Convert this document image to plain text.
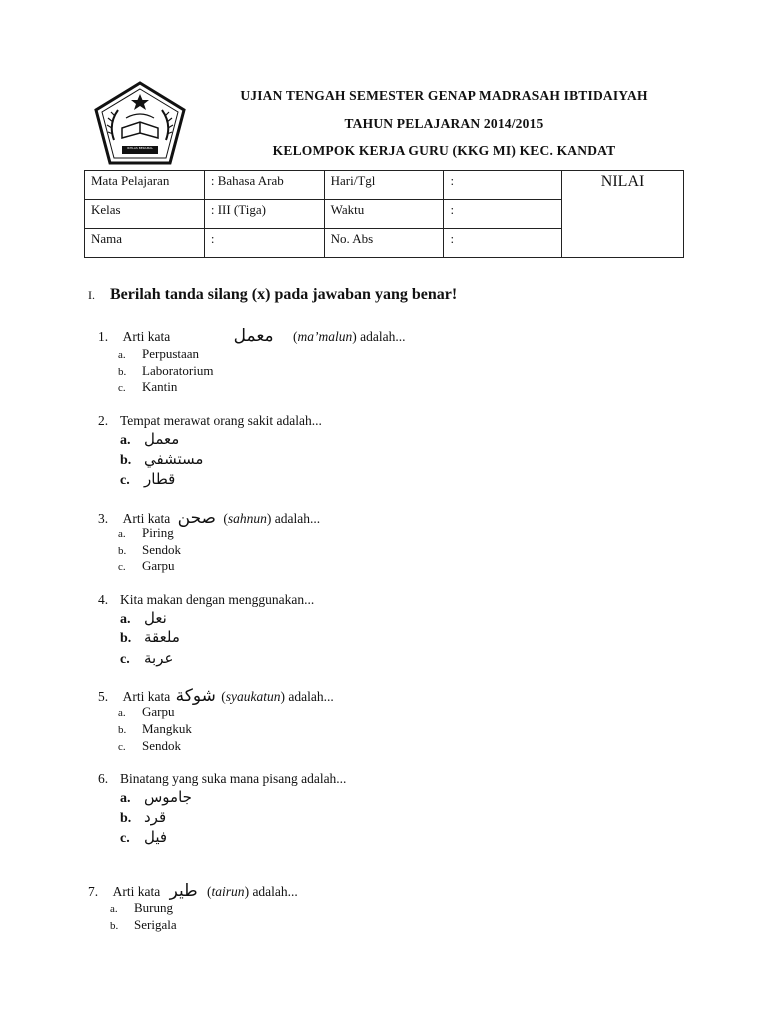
IKHLAS BERAMAL
UJIAN TENGAH SEMESTER GENAP MADRASAH IBTIDAIYAH
TAHUN PELAJARAN 2014/2015
KELOMPOK KERJA GURU (KKG MI) KEC. KANDAT
Mata Pelajaran	: Bahasa Arab	Hari/Tgl	:	NILAI
Kelas	: III (Tiga)	Waktu	:	
Nama	:	No. Abs	:	
I. Berilah tanda silang (x) pada jawaban yang benar!
1. Arti kata	معمل (ma’malun) adalah...
a. Perpustaan
b. Laboratorium
c. Kantin
2. Tempat merawat orang sakit adalah...
a. معمل
b. مستشفي
c. قطار
3. Arti kata صحن (sahnun) adalah...
a. Piring
b. Sendok
c. Garpu
4. Kita makan dengan menggunakan...
a. نعل
b. ملعقة
c. عربة
5. Arti kata شوكة (syaukatun) adalah...
a. Garpu
b. Mangkuk
c. Sendok
6. Binatang yang suka mana pisang adalah...
a. جاموس
b. قرد
c. فيل
7. Arti kata طير (tairun) adalah...
a. Burung
b. Serigala
